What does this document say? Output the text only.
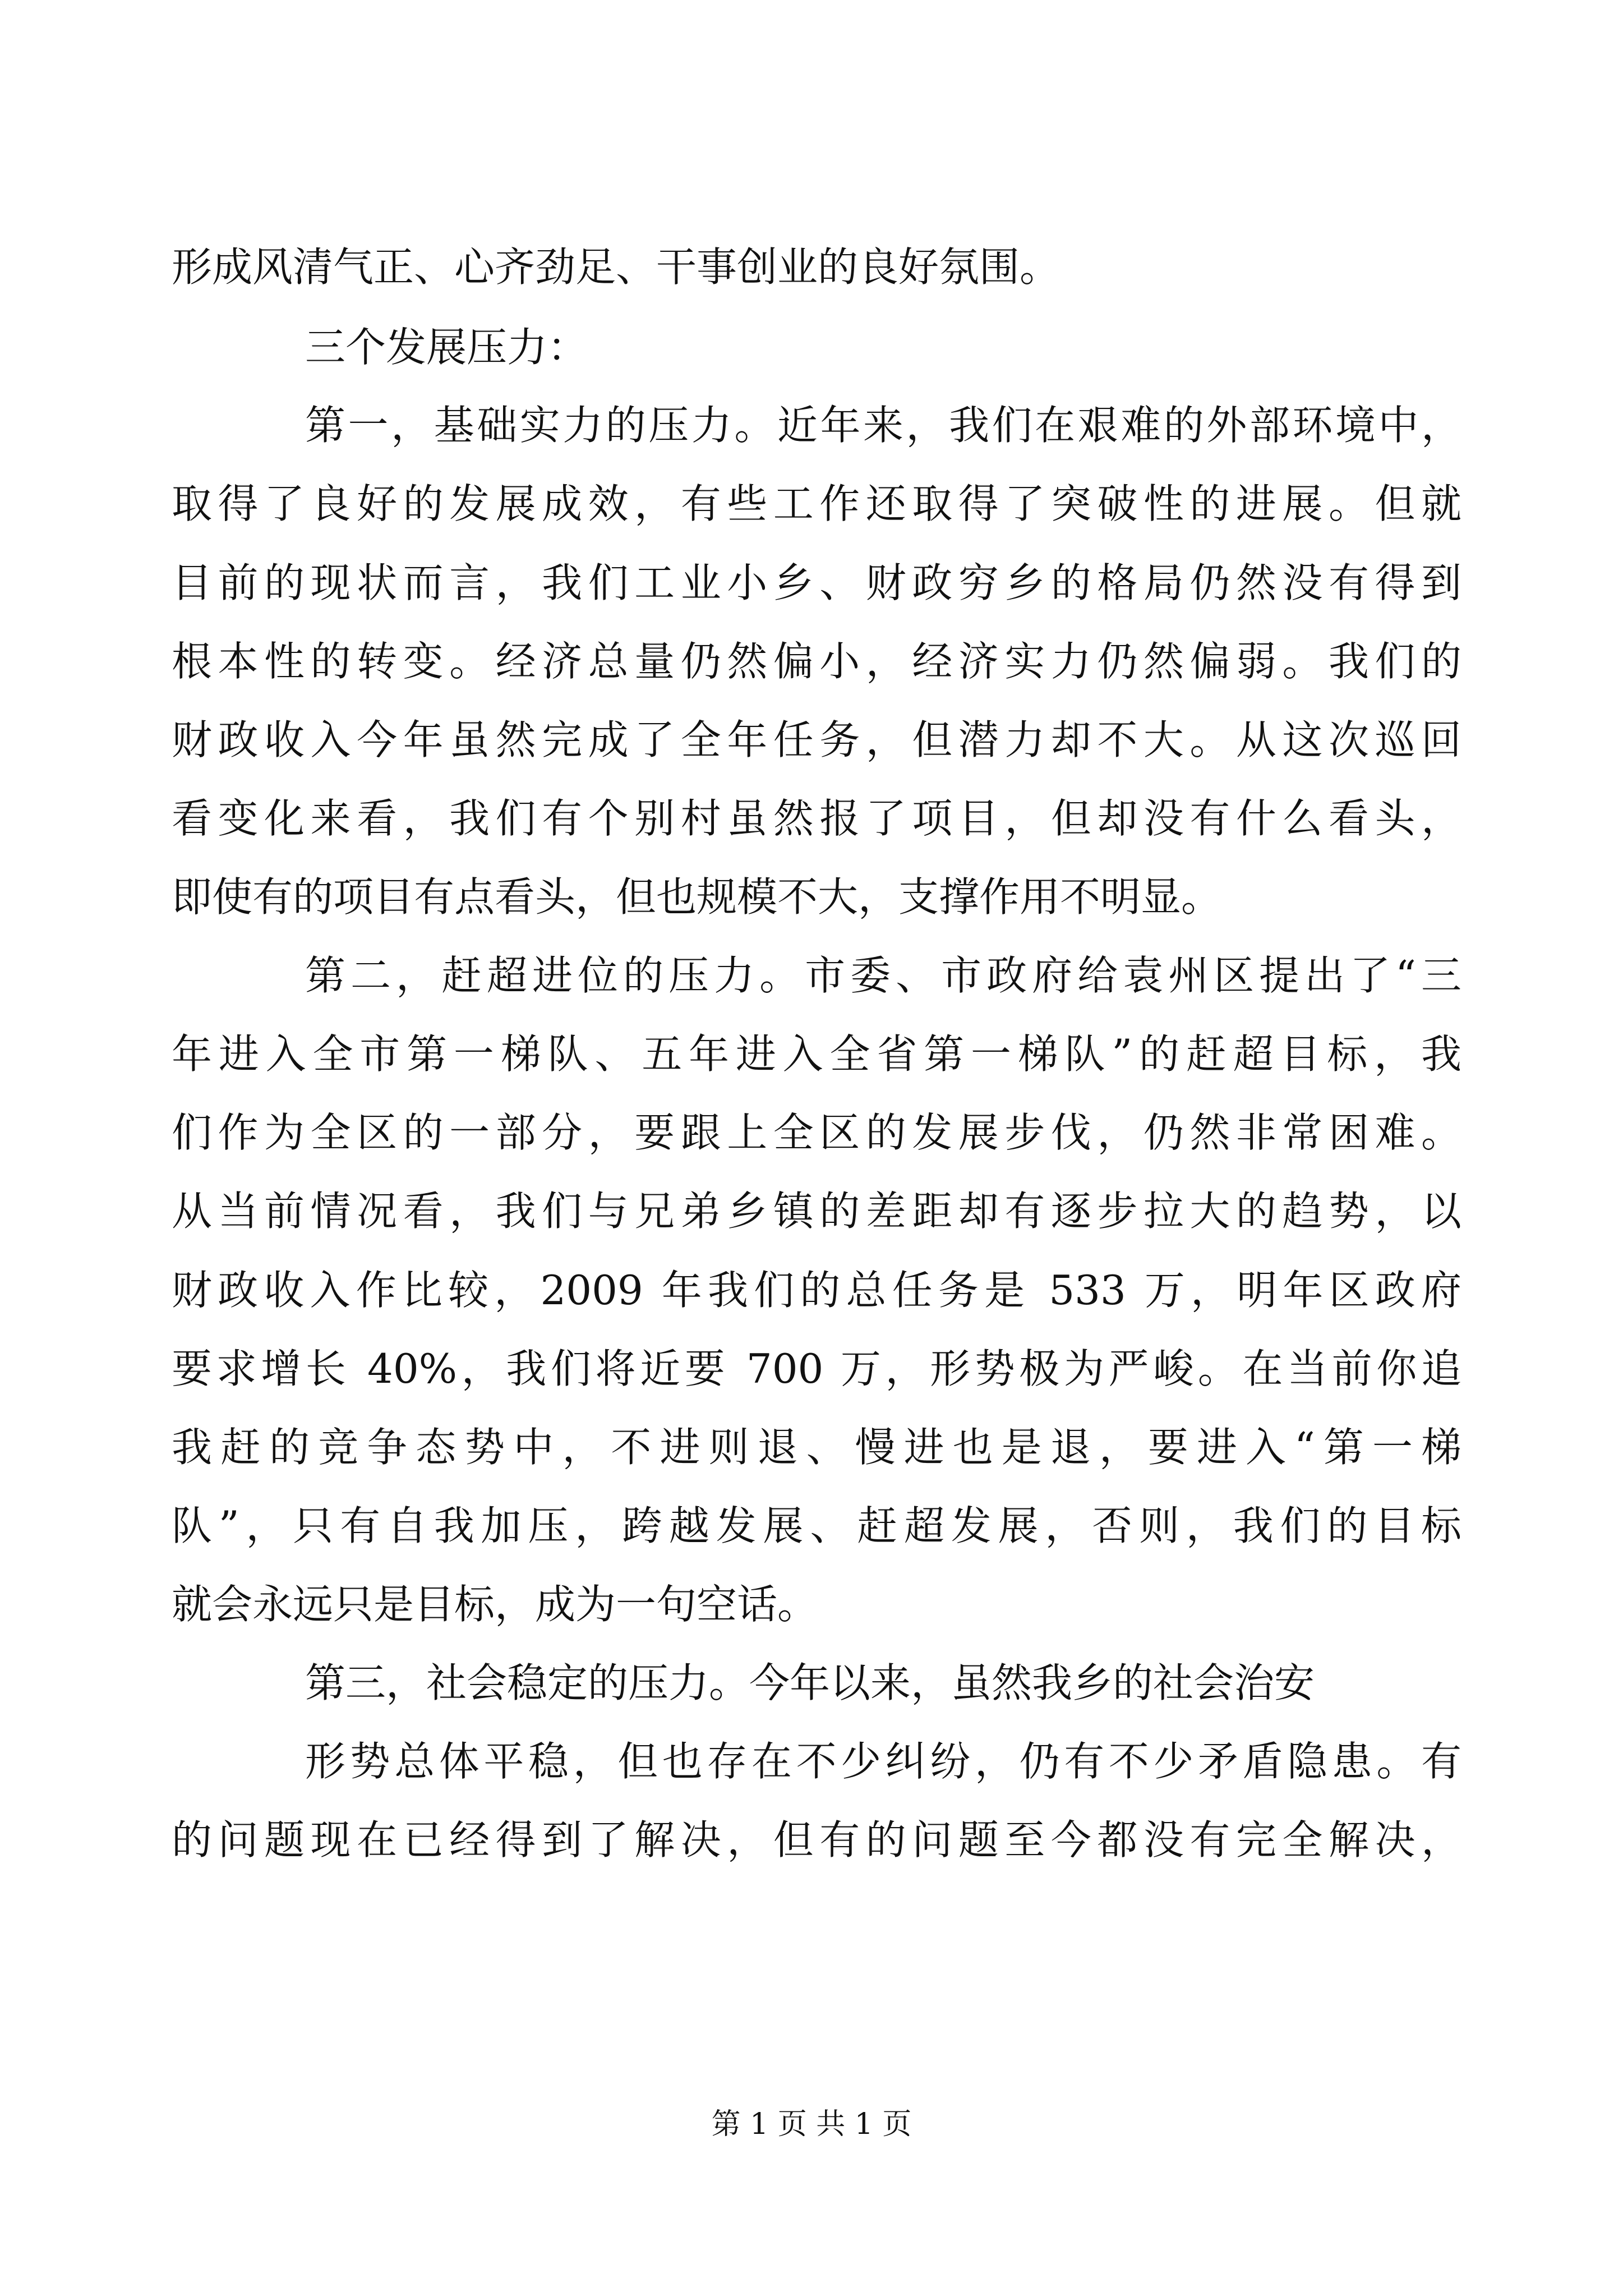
形成风清气正、心齐劲足、干事创业的良好氛围。
三个发展压力：
第一，基础实力的压力。近年来，我们在艰难的外部环境中，
取得了良好的发展成效，有些工作还取得了突破性的进展。但就
目前的现状而言，我们工业小乡、财政穷乡的格局仍然没有得到
根本性的转变。经济总量仍然偏小，经济实力仍然偏弱。我们的
财政收入今年虽然完成了全年任务，但潜力却不大。从这次巡回
看变化来看，我们有个别村虽然报了项目，但却没有什么看头，
即使有的项目有点看头，但也规模不大，支撑作用不明显。
第二，赶超进位的压力。市委、市政府给袁州区提出了“三
年进入全市第一梯队、五年进入全省第一梯队”的赶超目标，我
们作为全区的一部分，要跟上全区的发展步伐，仍然非常困难。
从当前情况看，我们与兄弟乡镇的差距却有逐步拉大的趋势，以
财政收入作比较，2009 年我们的总任务是 533 万，明年区政府
要求增长 40%，我们将近要 700 万，形势极为严峻。在当前你追
我赶的竞争态势中，不进则退、慢进也是退，要进入“第一梯
队”，只有自我加压，跨越发展、赶超发展，否则，我们的目标
就会永远只是目标，成为一句空话。
第三，社会稳定的压力。今年以来，虽然我乡的社会治安
形势总体平稳，但也存在不少纠纷，仍有不少矛盾隐患。有
的问题现在已经得到了解决，但有的问题至今都没有完全解决，
第 1 页 共 1 页
